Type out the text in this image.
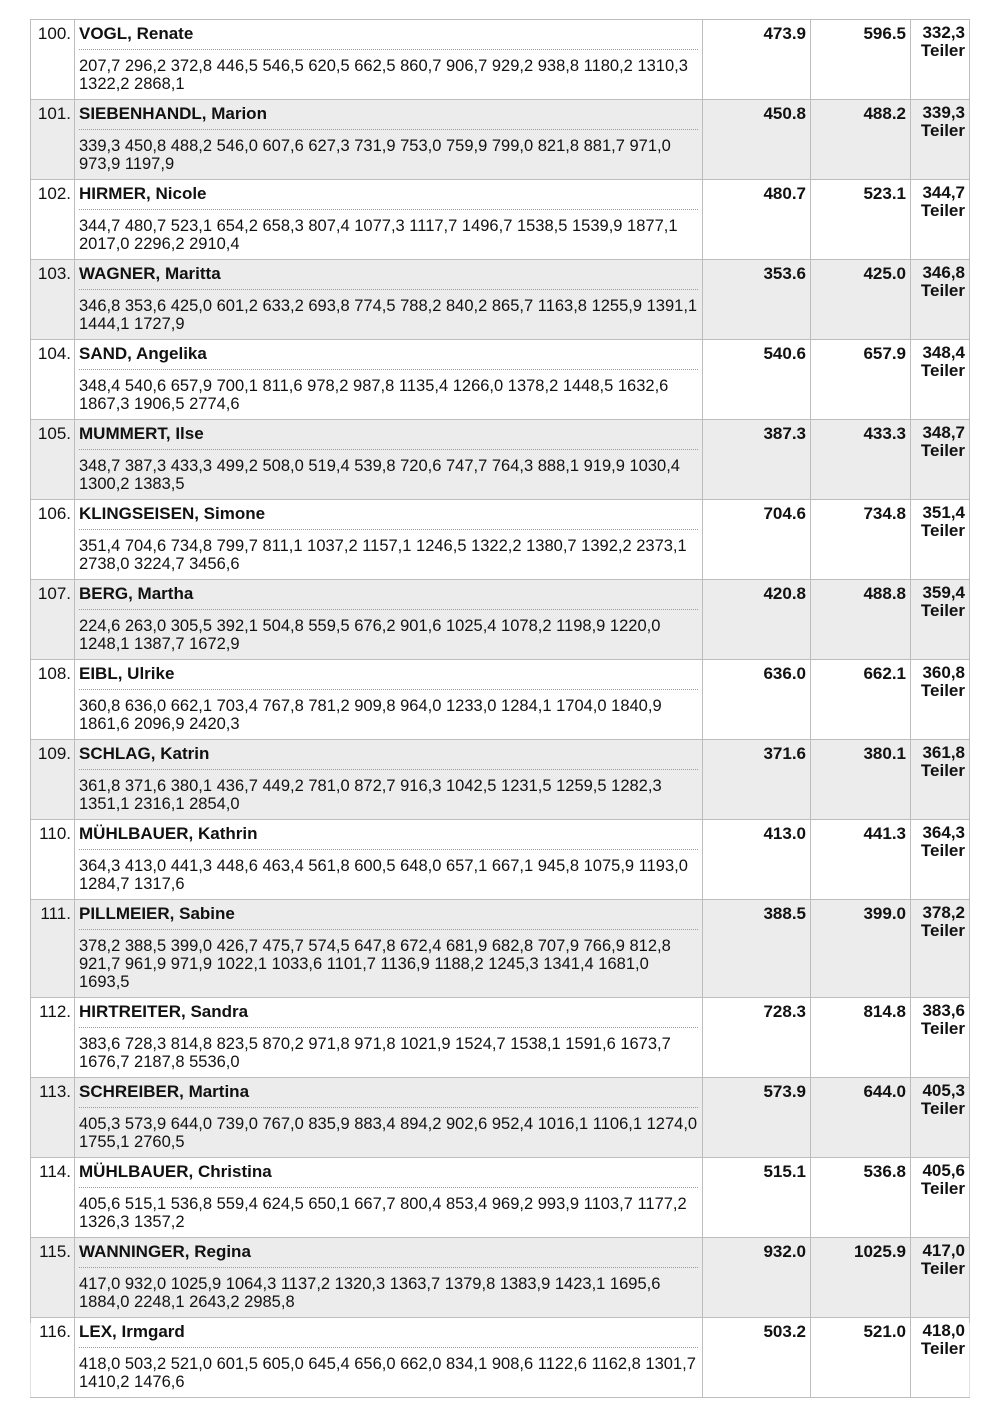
100. VOGL, Renate
207,7 296,2 372,8 446,5 546,5 620,5 662,5 860,7 906,7 929,2 938,8 1180,2 1310,3 1322,2 2868,1
473.9	596.5 332,3
Teiler
101. SIEBENHANDL, Marion
339,3 450,8 488,2 546,0 607,6 627,3 731,9 753,0 759,9 799,0 821,8 881,7 971,0 973,9 1197,9
450.8	488.2 339,3
Teiler
102. HIRMER, Nicole
344,7 480,7 523,1 654,2 658,3 807,4 1077,3 1117,7 1496,7 1538,5 1539,9 1877,1 2017,0 2296,2 2910,4
480.7	523.1 344,7
Teiler
103. WAGNER, Maritta
346,8 353,6 425,0 601,2 633,2 693,8 774,5 788,2 840,2 865,7 1163,8 1255,9 1391,1 1444,1 1727,9
353.6	425.0 346,8
Teiler
104. SAND, Angelika
348,4 540,6 657,9 700,1 811,6 978,2 987,8 1135,4 1266,0 1378,2 1448,5 1632,6 1867,3 1906,5 2774,6
540.6	657.9 348,4
Teiler
105. MUMMERT, Ilse
348,7 387,3 433,3 499,2 508,0 519,4 539,8 720,6 747,7 764,3 888,1 919,9 1030,4 1300,2 1383,5
387.3	433.3 348,7
Teiler
106. KLINGSEISEN, Simone
351,4 704,6 734,8 799,7 811,1 1037,2 1157,1 1246,5 1322,2 1380,7 1392,2 2373,1 2738,0 3224,7 3456,6
704.6	734.8 351,4
Teiler
107. BERG, Martha
224,6 263,0 305,5 392,1 504,8 559,5 676,2 901,6 1025,4 1078,2 1198,9 1220,0 1248,1 1387,7 1672,9
420.8	488.8 359,4
Teiler
108. EIBL, Ulrike
360,8 636,0 662,1 703,4 767,8 781,2 909,8 964,0 1233,0 1284,1 1704,0 1840,9 1861,6 2096,9 2420,3
636.0	662.1 360,8
Teiler
109. SCHLAG, Katrin
361,8 371,6 380,1 436,7 449,2 781,0 872,7 916,3 1042,5 1231,5 1259,5 1282,3 1351,1 2316,1 2854,0
371.6	380.1 361,8
Teiler
110. MÜHLBAUER, Kathrin
364,3 413,0 441,3 448,6 463,4 561,8 600,5 648,0 657,1 667,1 945,8 1075,9 1193,0 1284,7 1317,6
413.0	441.3 364,3
Teiler
111. PILLMEIER, Sabine
378,2 388,5 399,0 426,7 475,7 574,5 647,8 672,4 681,9 682,8 707,9 766,9 812,8 921,7 961,9 971,9 1022,1 1033,6 1101,7 1136,9 1188,2 1245,3 1341,4 1681,0 1693,5
388.5	399.0 378,2
Teiler
112. HIRTREITER, Sandra
383,6 728,3 814,8 823,5 870,2 971,8 971,8 1021,9 1524,7 1538,1 1591,6 1673,7 1676,7 2187,8 5536,0
728.3	814.8 383,6
Teiler
113. SCHREIBER, Martina
405,3 573,9 644,0 739,0 767,0 835,9 883,4 894,2 902,6 952,4 1016,1 1106,1 1274,0 1755,1 2760,5
573.9	644.0 405,3
Teiler
114. MÜHLBAUER, Christina
405,6 515,1 536,8 559,4 624,5 650,1 667,7 800,4 853,4 969,2 993,9 1103,7 1177,2 1326,3 1357,2
515.1	536.8 405,6
Teiler
115. WANNINGER, Regina
417,0 932,0 1025,9 1064,3 1137,2 1320,3 1363,7 1379,8 1383,9 1423,1 1695,6 1884,0 2248,1 2643,2 2985,8
932.0	1025.9 417,0
Teiler
116. LEX, Irmgard
418,0 503,2 521,0 601,5 605,0 645,4 656,0 662,0 834,1 908,6 1122,6 1162,8 1301,7 1410,2 1476,6
503.2	521.0 418,0
Teiler
